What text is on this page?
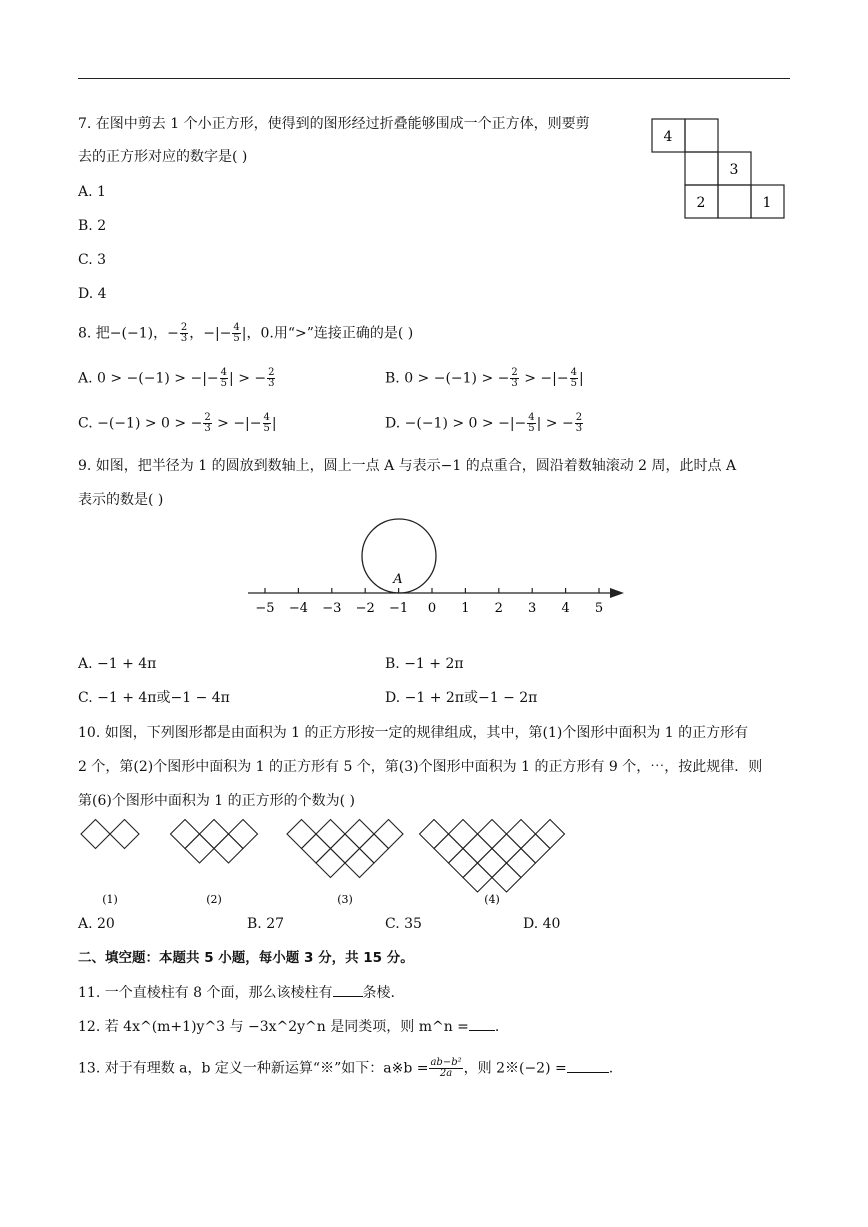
7. 在图中剪去 1 个小正方形，使得到的图形经过折叠能够围成一个正方体，则要剪
去的正方形对应的数字是( )
A. 1
B. 2
C. 3
D. 4
4
3
2	1
8. 把−(−1)，− $\frac{2}{3}$ ，−|− $\frac{4}{5}$ |，0.用“>”连接正确的是( )
A. 0 > −(−1) > −|− $\frac{4}{5}$ | > − $\frac{2}{3}$	B. 0 > −(−1) > − $\frac{2}{3}$ > −|− $\frac{4}{5}$ |
C. −(−1) > 0 > − $\frac{2}{3}$ > −|− $\frac{4}{5}$ |	D. −(−1) > 0 > −|− $\frac{4}{5}$ | > − $\frac{2}{3}$
9. 如图，把半径为 1 的圆放到数轴上，圆上一点 A 与表示−1 的点重合，圆沿着数轴滚动 2 周，此时点 A
表示的数是( )
A
−5 −4 −3 −2 −1 0 1 2 3 4 5
A. −1 + 4π	B. −1 + 2π
C. −1 + 4π或−1 − 4π	D. −1 + 2π或−1 − 2π
10. 如图，下列图形都是由面积为 1 的正方形按一定的规律组成，其中，第(1)个图形中面积为 1 的正方形有
2 个，第(2)个图形中面积为 1 的正方形有 5 个，第(3)个图形中面积为 1 的正方形有 9 个，⋯，按此规律．则
第(6)个图形中面积为 1 的正方形的个数为( )
(1)	(2)	(3)	(4)
A. 20	B. 27	C. 35	D. 40
二、填空题：本题共 5 小题，每小题 3 分，共 15 分。
11. 一个直棱柱有 8 个面，那么该棱柱有 条棱.
12. 若 4x^(m+1)y^3 与 −3x^2y^n 是同类项，则 m^n = .
13. 对于有理数 a，b 定义一种新运算“※”如下：a※b = $\frac{\text{ab−b²}}{2a}$ ，则 2※(−2) =	.
